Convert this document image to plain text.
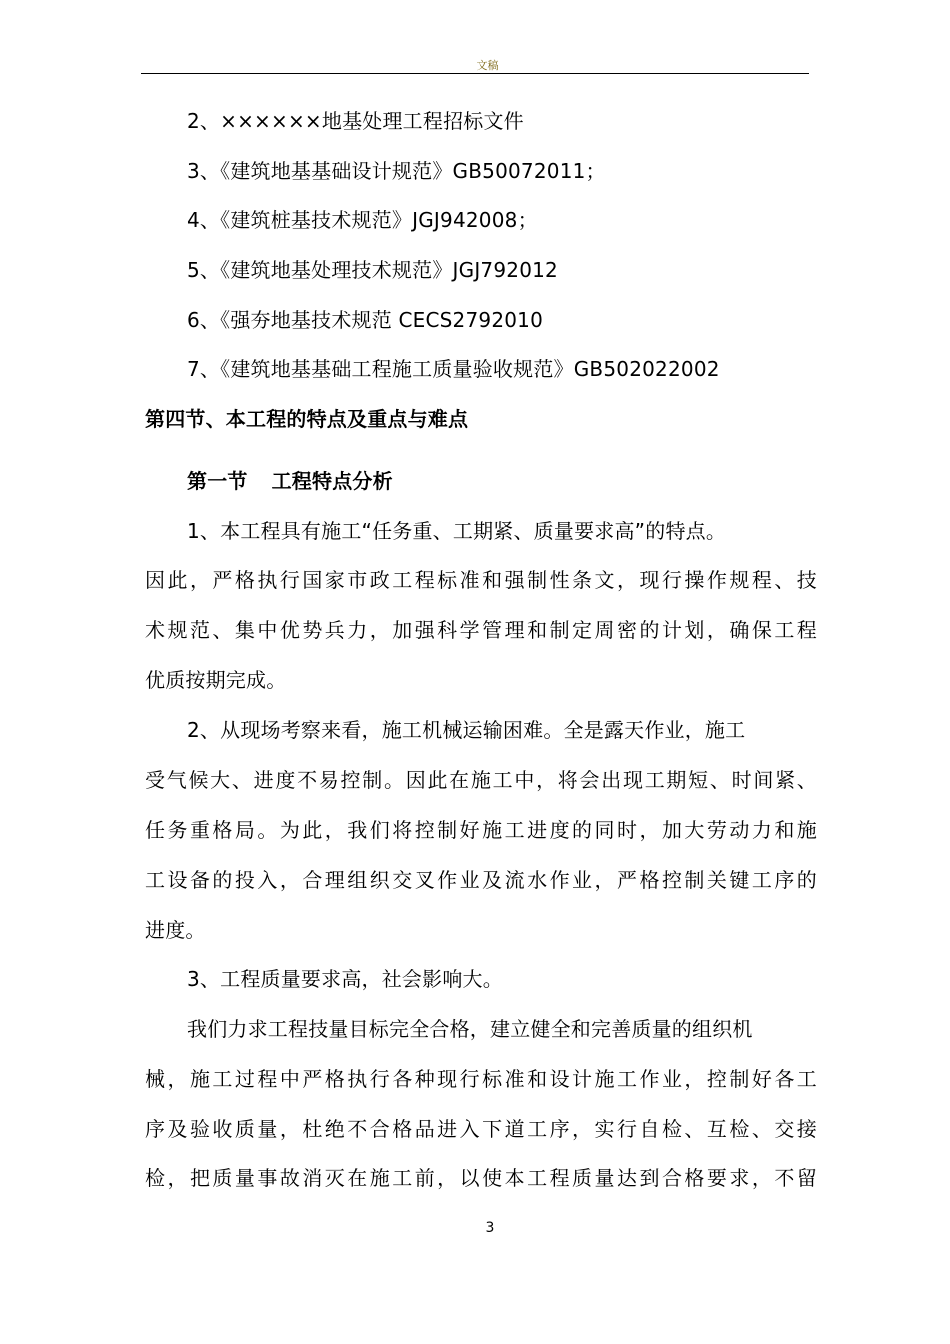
文稿
2、××××××地基处理工程招标文件
3、《建筑地基基础设计规范》GB50072011；
4、《建筑桩基技术规范》JGJ942008；
5、《建筑地基处理技术规范》JGJ792012
6、《强夯地基技术规范 CECS2792010
7、《建筑地基基础工程施工质量验收规范》GB502022002
第四节、本工程的特点及重点与难点
第一节 工程特点分析
1、本工程具有施工“任务重、工期紧、质量要求高”的特点。
因此，严格执行国家市政工程标准和强制性条文，现行操作规程、技
术规范、集中优势兵力，加强科学管理和制定周密的计划，确保工程
优质按期完成。
2、从现场考察来看，施工机械运输困难。全是露天作业，施工
受气候大、进度不易控制。因此在施工中，将会出现工期短、时间紧、
任务重格局。为此，我们将控制好施工进度的同时，加大劳动力和施
工设备的投入，合理组织交叉作业及流水作业，严格控制关键工序的
进度。
3、工程质量要求高，社会影响大。
我们力求工程技量目标完全合格，建立健全和完善质量的组织机
械，施工过程中严格执行各种现行标准和设计施工作业，控制好各工
序及验收质量，杜绝不合格品进入下道工序，实行自检、互检、交接
检，把质量事故消灭在施工前，以使本工程质量达到合格要求，不留
3
